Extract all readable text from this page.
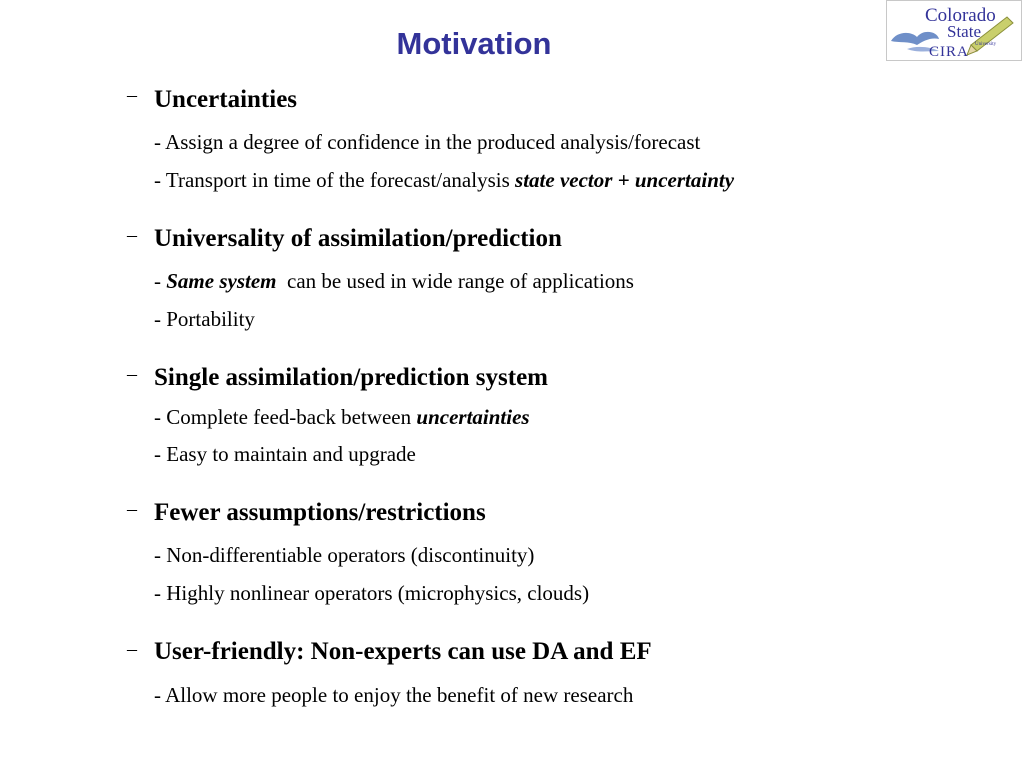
Motivation
Colorado
State
University
CIRA
– Uncertainties
- Assign a degree of confidence in the produced analysis/forecast
- Transport in time of the forecast/analysis state vector + uncertainty
– Universality of assimilation/prediction
- Same system  can be used in wide range of applications
- Portability
– Single assimilation/prediction system
- Complete feed-back between uncertainties
- Easy to maintain and upgrade
– Fewer assumptions/restrictions
- Non-differentiable operators (discontinuity)
- Highly nonlinear operators (microphysics, clouds)
– User-friendly: Non-experts can use DA and EF
- Allow more people to enjoy the benefit of new research
